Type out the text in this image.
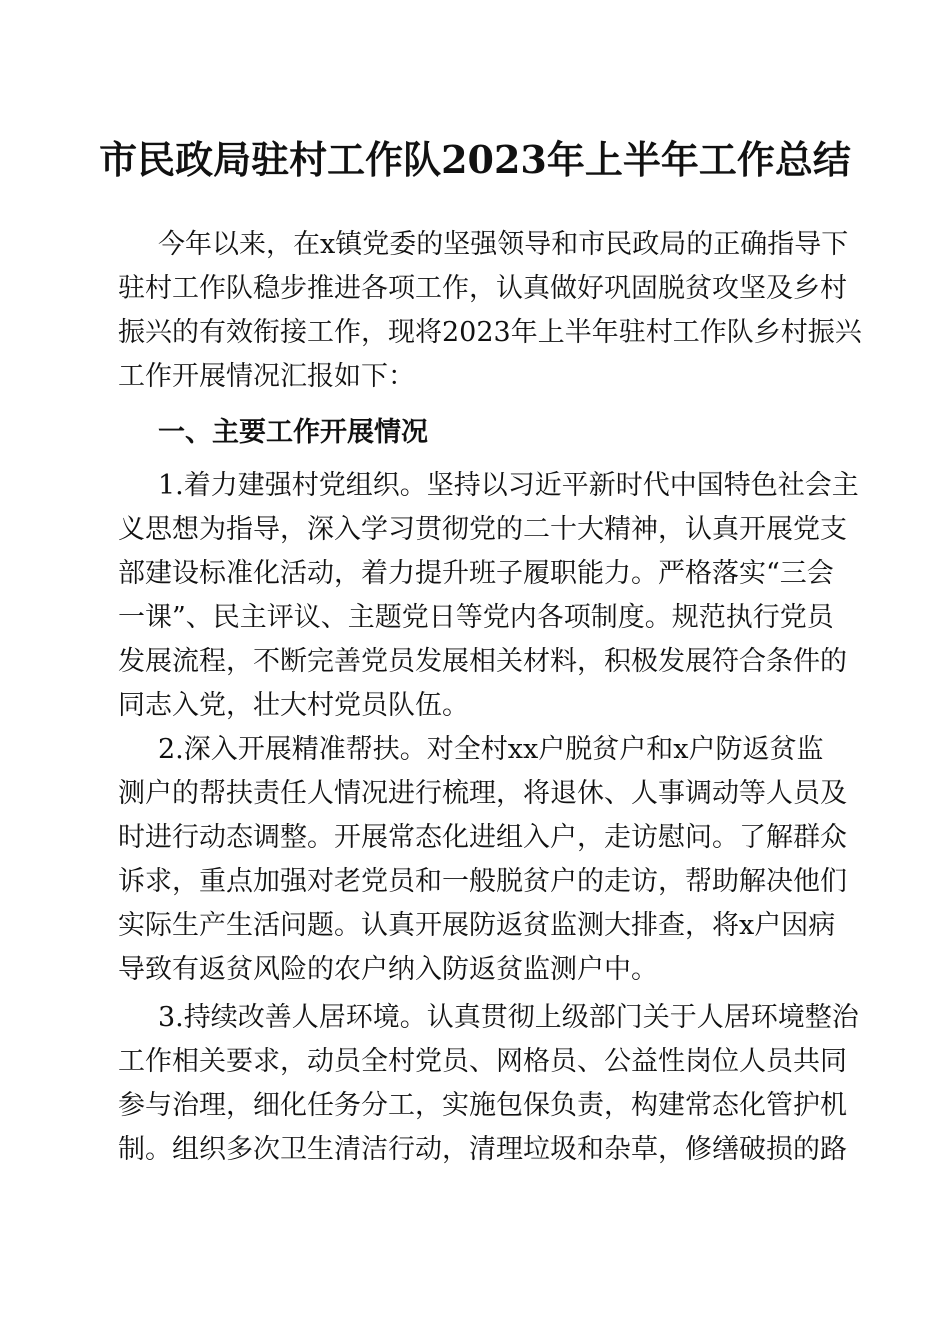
市民政局驻村工作队2023年上半年工作总结
今年以来，在x镇党委的坚强领导和市民政局的正确指导下
驻村工作队稳步推进各项工作，认真做好巩固脱贫攻坚及乡村
振兴的有效衔接工作，现将2023年上半年驻村工作队乡村振兴
工作开展情况汇报如下：
一、主要工作开展情况
1.着力建强村党组织。坚持以习近平新时代中国特色社会主
义思想为指导，深入学习贯彻党的二十大精神，认真开展党支
部建设标准化活动，着力提升班子履职能力。严格落实“三会
一课”、民主评议、主题党日等党内各项制度。规范执行党员
发展流程，不断完善党员发展相关材料，积极发展符合条件的
同志入党，壮大村党员队伍。
2.深入开展精准帮扶。对全村xx户脱贫户和x户防返贫监
测户的帮扶责任人情况进行梳理，将退休、人事调动等人员及
时进行动态调整。开展常态化进组入户，走访慰问。了解群众
诉求，重点加强对老党员和一般脱贫户的走访，帮助解决他们
实际生产生活问题。认真开展防返贫监测大排查，将x户因病
导致有返贫风险的农户纳入防返贫监测户中。
3.持续改善人居环境。认真贯彻上级部门关于人居环境整治
工作相关要求，动员全村党员、网格员、公益性岗位人员共同
参与治理，细化任务分工，实施包保负责，构建常态化管护机
制。组织多次卫生清洁行动，清理垃圾和杂草，修缮破损的路
